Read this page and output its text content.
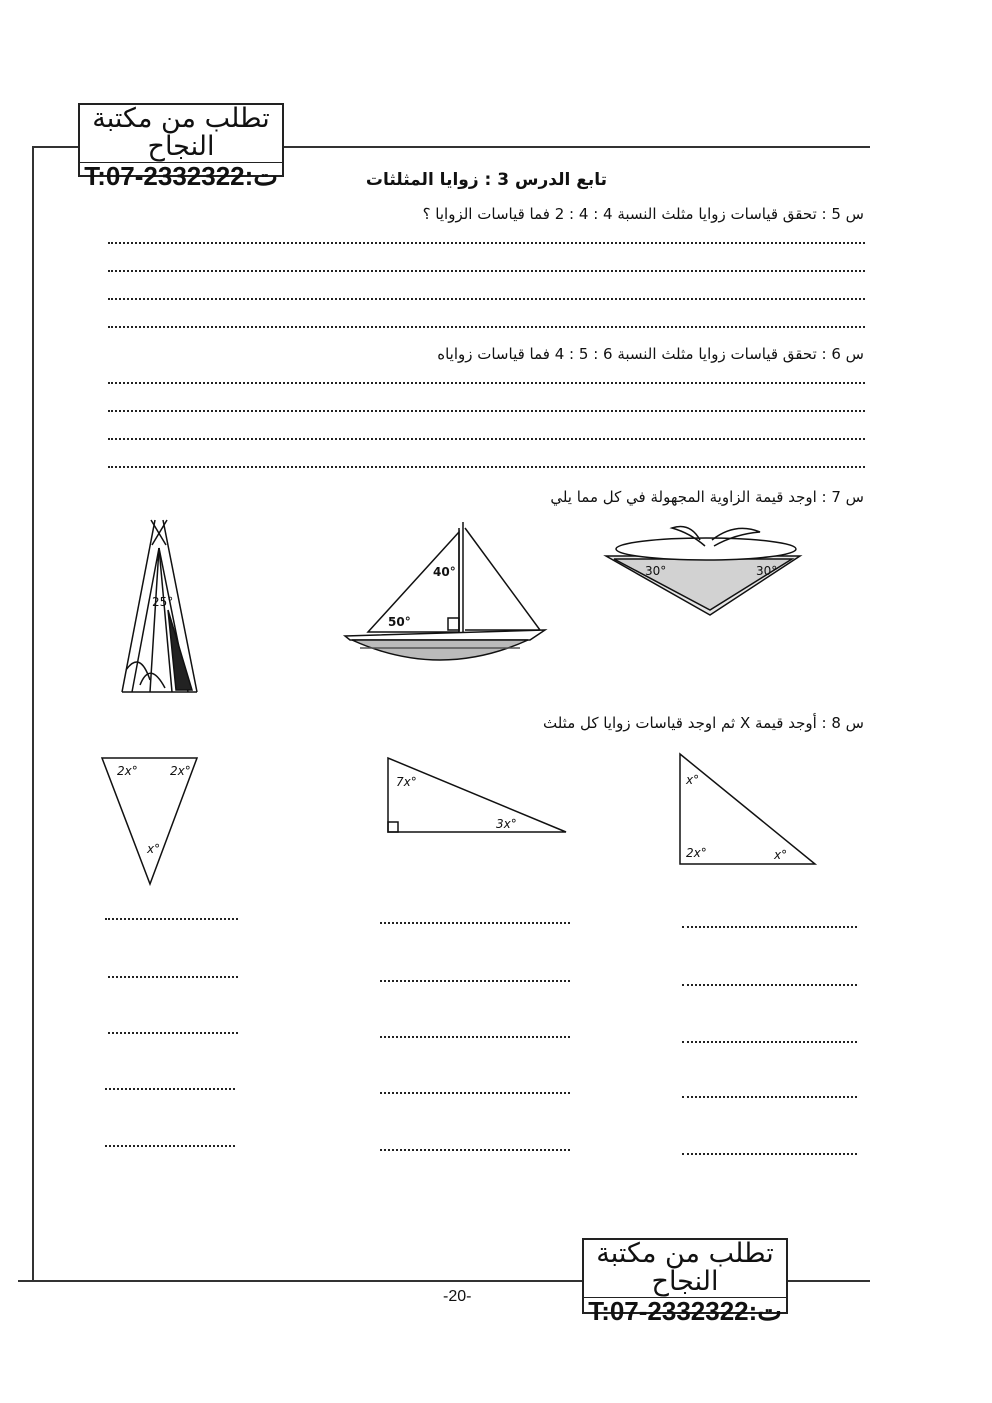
تطلب من مكتبة النجاح
T:07-2332322:ت	تابع الدرس 3 : زوايا المثلثات
س 5 : تحقق قياسات زوايا مثلث النسبة 4 : 4 : 2 فما قياسات الزوايا ؟
س 6 : تحقق قياسات زوايا مثلث النسبة 6 : 5 : 4 فما قياسات زواياه
س 7 : اوجد قيمة الزاوية المجهولة في كل مما يلي
25°
40°
50°
30°	30°
س 8 : أوجد قيمة X ثم اوجد قياسات زوايا كل مثلث
2x°	2x°
x°
7x°
3x°
x°
2x°	x°
تطلب من مكتبة النجاح
T:07-2332322:ت
-20-
